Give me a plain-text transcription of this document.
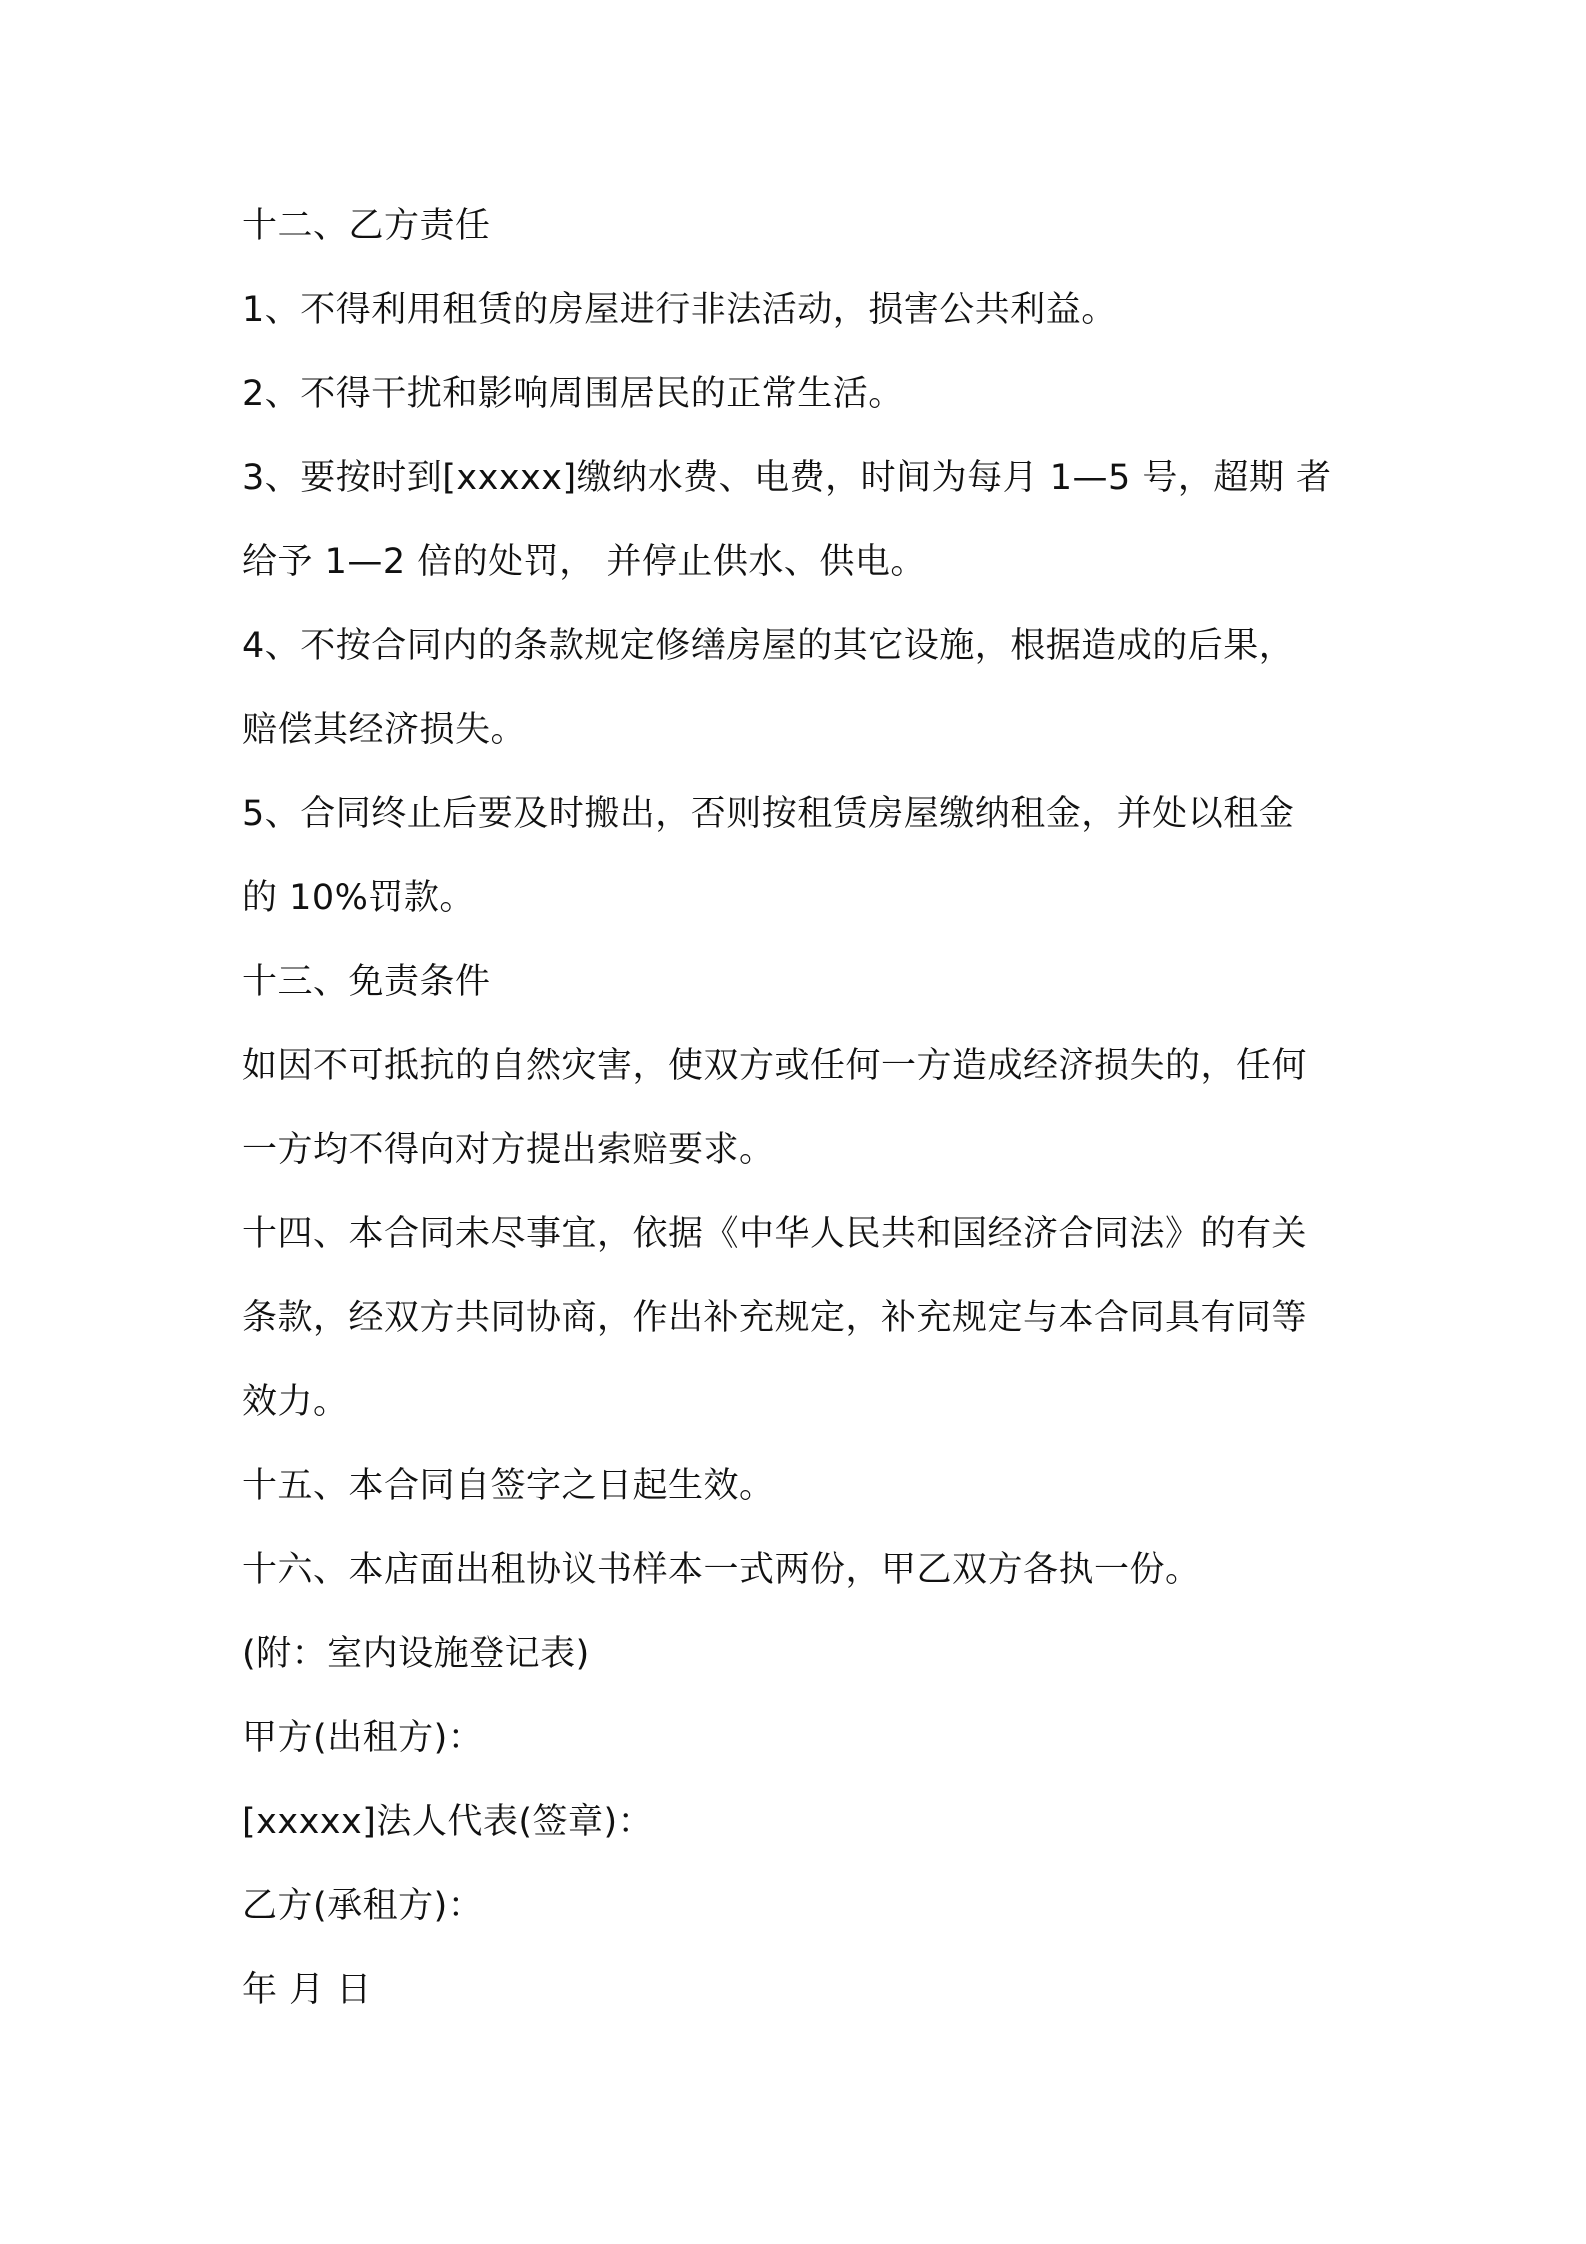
十二、乙方责任
1、不得利用租赁的房屋进行非法活动，损害公共利益。
2、不得干扰和影响周围居民的正常生活。
3、要按时到[xxxxx]缴纳水费、电费，时间为每月 1—5 号，超期 者
给予 1—2 倍的处罚， 并停止供水、供电。
4、不按合同内的条款规定修缮房屋的其它设施，根据造成的后果，
赔偿其经济损失。
5、合同终止后要及时搬出，否则按租赁房屋缴纳租金，并处以租金
的 10%罚款。
十三、免责条件
如因不可抵抗的自然灾害，使双方或任何一方造成经济损失的，任何
一方均不得向对方提出索赔要求。
十四、本合同未尽事宜，依据《中华人民共和国经济合同法》的有关
条款，经双方共同协商，作出补充规定，补充规定与本合同具有同等
效力。
十五、本合同自签字之日起生效。
十六、本店面出租协议书样本一式两份，甲乙双方各执一份。
(附：室内设施登记表)
甲方(出租方)：
[xxxxx]法人代表(签章)：
乙方(承租方)：
年 月 日
